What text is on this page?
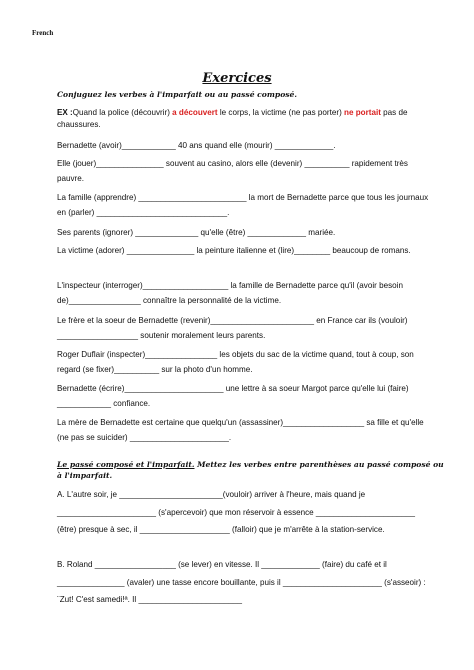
French
Exercices
Conjuguez les verbes à l'imparfait ou au passé composé.
EX :Quand la police (découvrir) a découvert le corps, la victime (ne pas porter) ne portait pas de chaussures.
Bernadette (avoir)____________ 40 ans quand elle (mourir) _____________.
Elle (jouer)_______________ souvent au casino, alors elle (devenir) __________ rapidement très pauvre.
La famille (apprendre) ________________________ la mort de Bernadette parce que tous les journaux en (parler) _____________________________.
Ses parents (ignorer) ______________ qu'elle (être) _____________ mariée.
La victime (adorer) _______________ la peinture italienne et (lire)________ beaucoup de romans.
L'inspecteur (interroger)___________________ la famille de Bernadette parce qu'il (avoir besoin de)________________ connaître la personnalité de la victime.
Le frère et la soeur de Bernadette (revenir)_______________________ en France car ils (vouloir) __________________ soutenir moralement leurs parents.
Roger Duflair (inspecter)________________ les objets du sac de la victime quand, tout à coup, son regard (se fixer)__________ sur la photo d'un homme.
Bernadette (écrire)______________________ une lettre à sa soeur Margot parce qu'elle lui (faire) ____________ confiance.
La mère de Bernadette est certaine que quelqu'un (assassiner)__________________ sa fille et qu'elle (ne pas se suicider) ______________________.
Le passé composé et l'imparfait. Mettez les verbes entre parenthèses au passé composé ou à l'imparfait.
A. L'autre soir, je _______________________(vouloir) arriver à l'heure, mais quand je ______________________ (s'apercevoir) que mon réservoir à essence ______________________ (être) presque à sec, il ____________________ (falloir) que je m'arrête à la station-service.
B. Roland __________________ (se lever) en vitesse. Il _____________ (faire) du café et il _______________ (avaler) une tasse encore bouillante, puis il ______________________ (s'asseoir) : ¨Zut! C'est samedi!ª. Il _______________________
